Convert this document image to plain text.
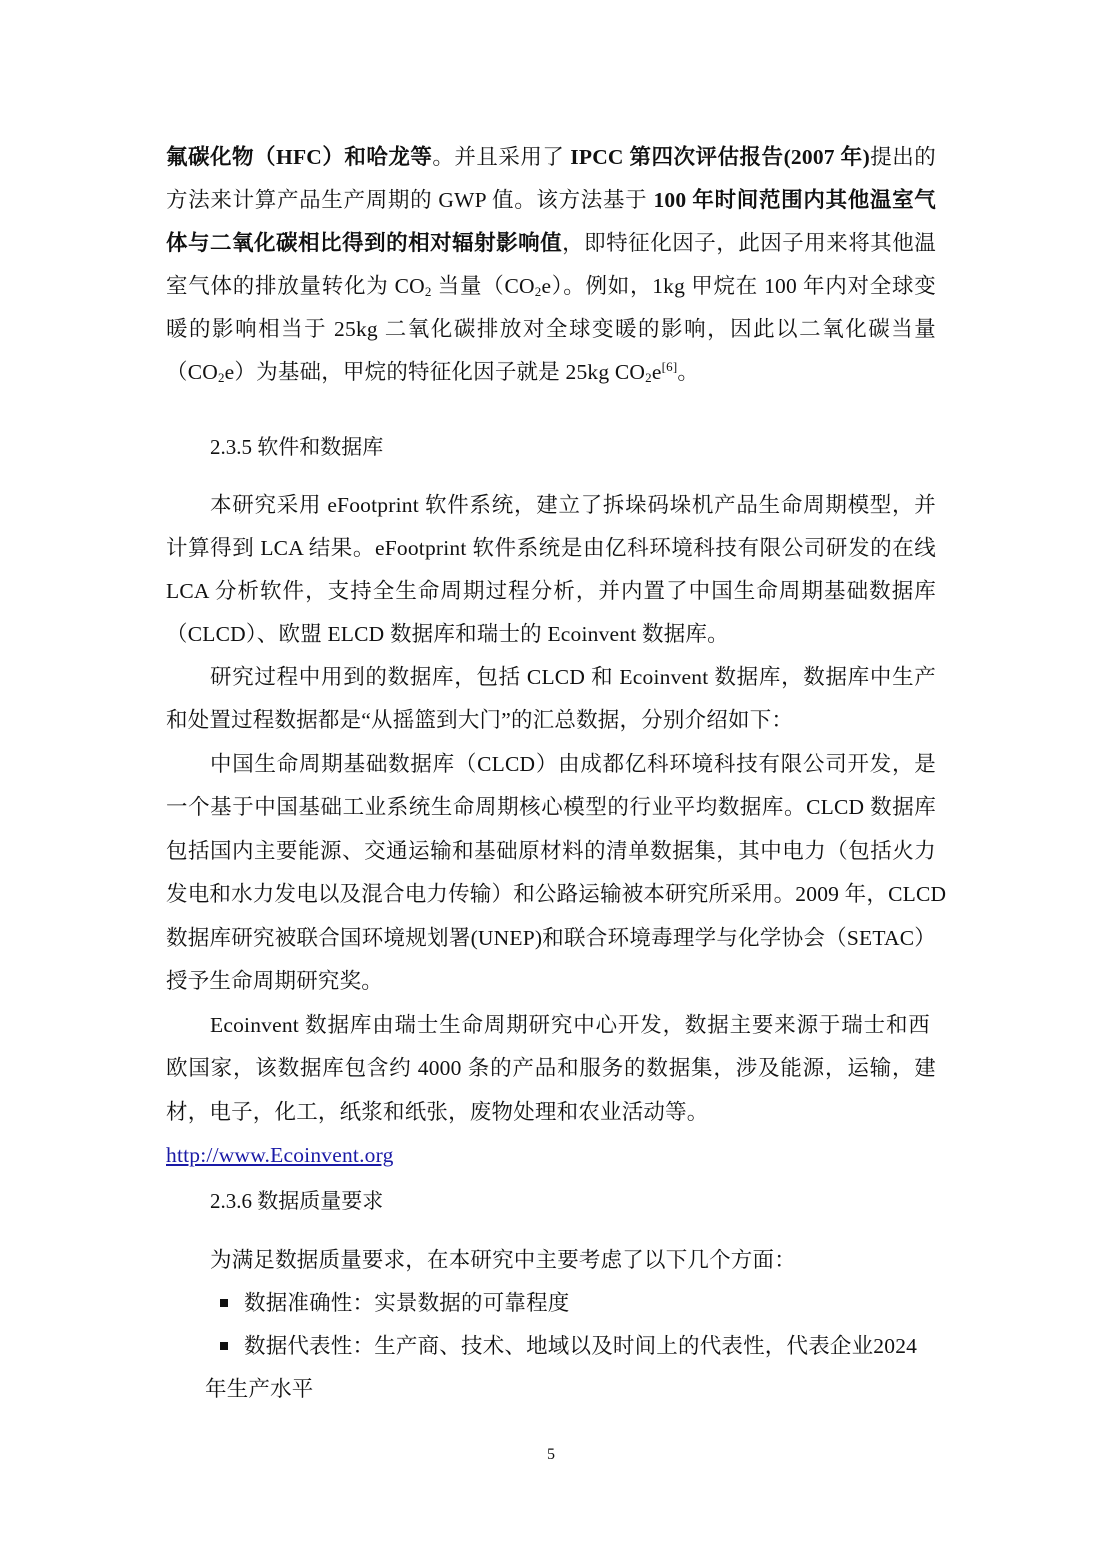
氟碳化物（HFC）和哈龙等。并且采用了 IPCC 第四次评估报告(2007 年)提出的
方法来计算产品生产周期的 GWP 值。该方法基于 100 年时间范围内其他温室气
体与二氧化碳相比得到的相对辐射影响值，即特征化因子，此因子用来将其他温
室气体的排放量转化为 $CO_2$ 当量$(CO_2e)$。例如，1kg 甲烷在 100 年内对全球变
暖的影响相当于 25kg 二氧化碳排放对全球变暖的影响，因此以二氧化碳当量
$(CO_2e)$为基础，甲烷的特征化因子就是 25kg $CO_2e[6]$。
2.3.5 软件和数据库
本研究采用 eFootprint 软件系统，建立了拆垛码垛机产品生命周期模型，并
计算得到 LCA 结果。eFootprint 软件系统是由亿科环境科技有限公司研发的在线
LCA 分析软件，支持全生命周期过程分析，并内置了中国生命周期基础数据库
（CLCD）、欧盟 ELCD 数据库和瑞士的 Ecoinvent 数据库。
研究过程中用到的数据库，包括 CLCD 和 Ecoinvent 数据库，数据库中生产
和处置过程数据都是“从摇篮到大门”的汇总数据，分别介绍如下：
中国生命周期基础数据库（CLCD）由成都亿科环境科技有限公司开发，是
一个基于中国基础工业系统生命周期核心模型的行业平均数据库。CLCD 数据库
包括国内主要能源、交通运输和基础原材料的清单数据集，其中电力（包括火力
发电和水力发电以及混合电力传输）和公路运输被本研究所采用。2009 年，CLCD
数据库研究被联合国环境规划署(UNEP)和联合环境毒理学与化学协会（SETAC）
授予生命周期研究奖。
Ecoinvent 数据库由瑞士生命周期研究中心开发，数据主要来源于瑞士和西
欧国家，该数据库包含约 4000 条的产品和服务的数据集，涉及能源，运输，建
材，电子，化工，纸浆和纸张，废物处理和农业活动等。
http://www.Ecoinvent.org
2.3.6 数据质量要求
为满足数据质量要求，在本研究中主要考虑了以下几个方面：
数据准确性：实景数据的可靠程度
数据代表性：生产商、技术、地域以及时间上的代表性，代表企业2024
年生产水平
5
